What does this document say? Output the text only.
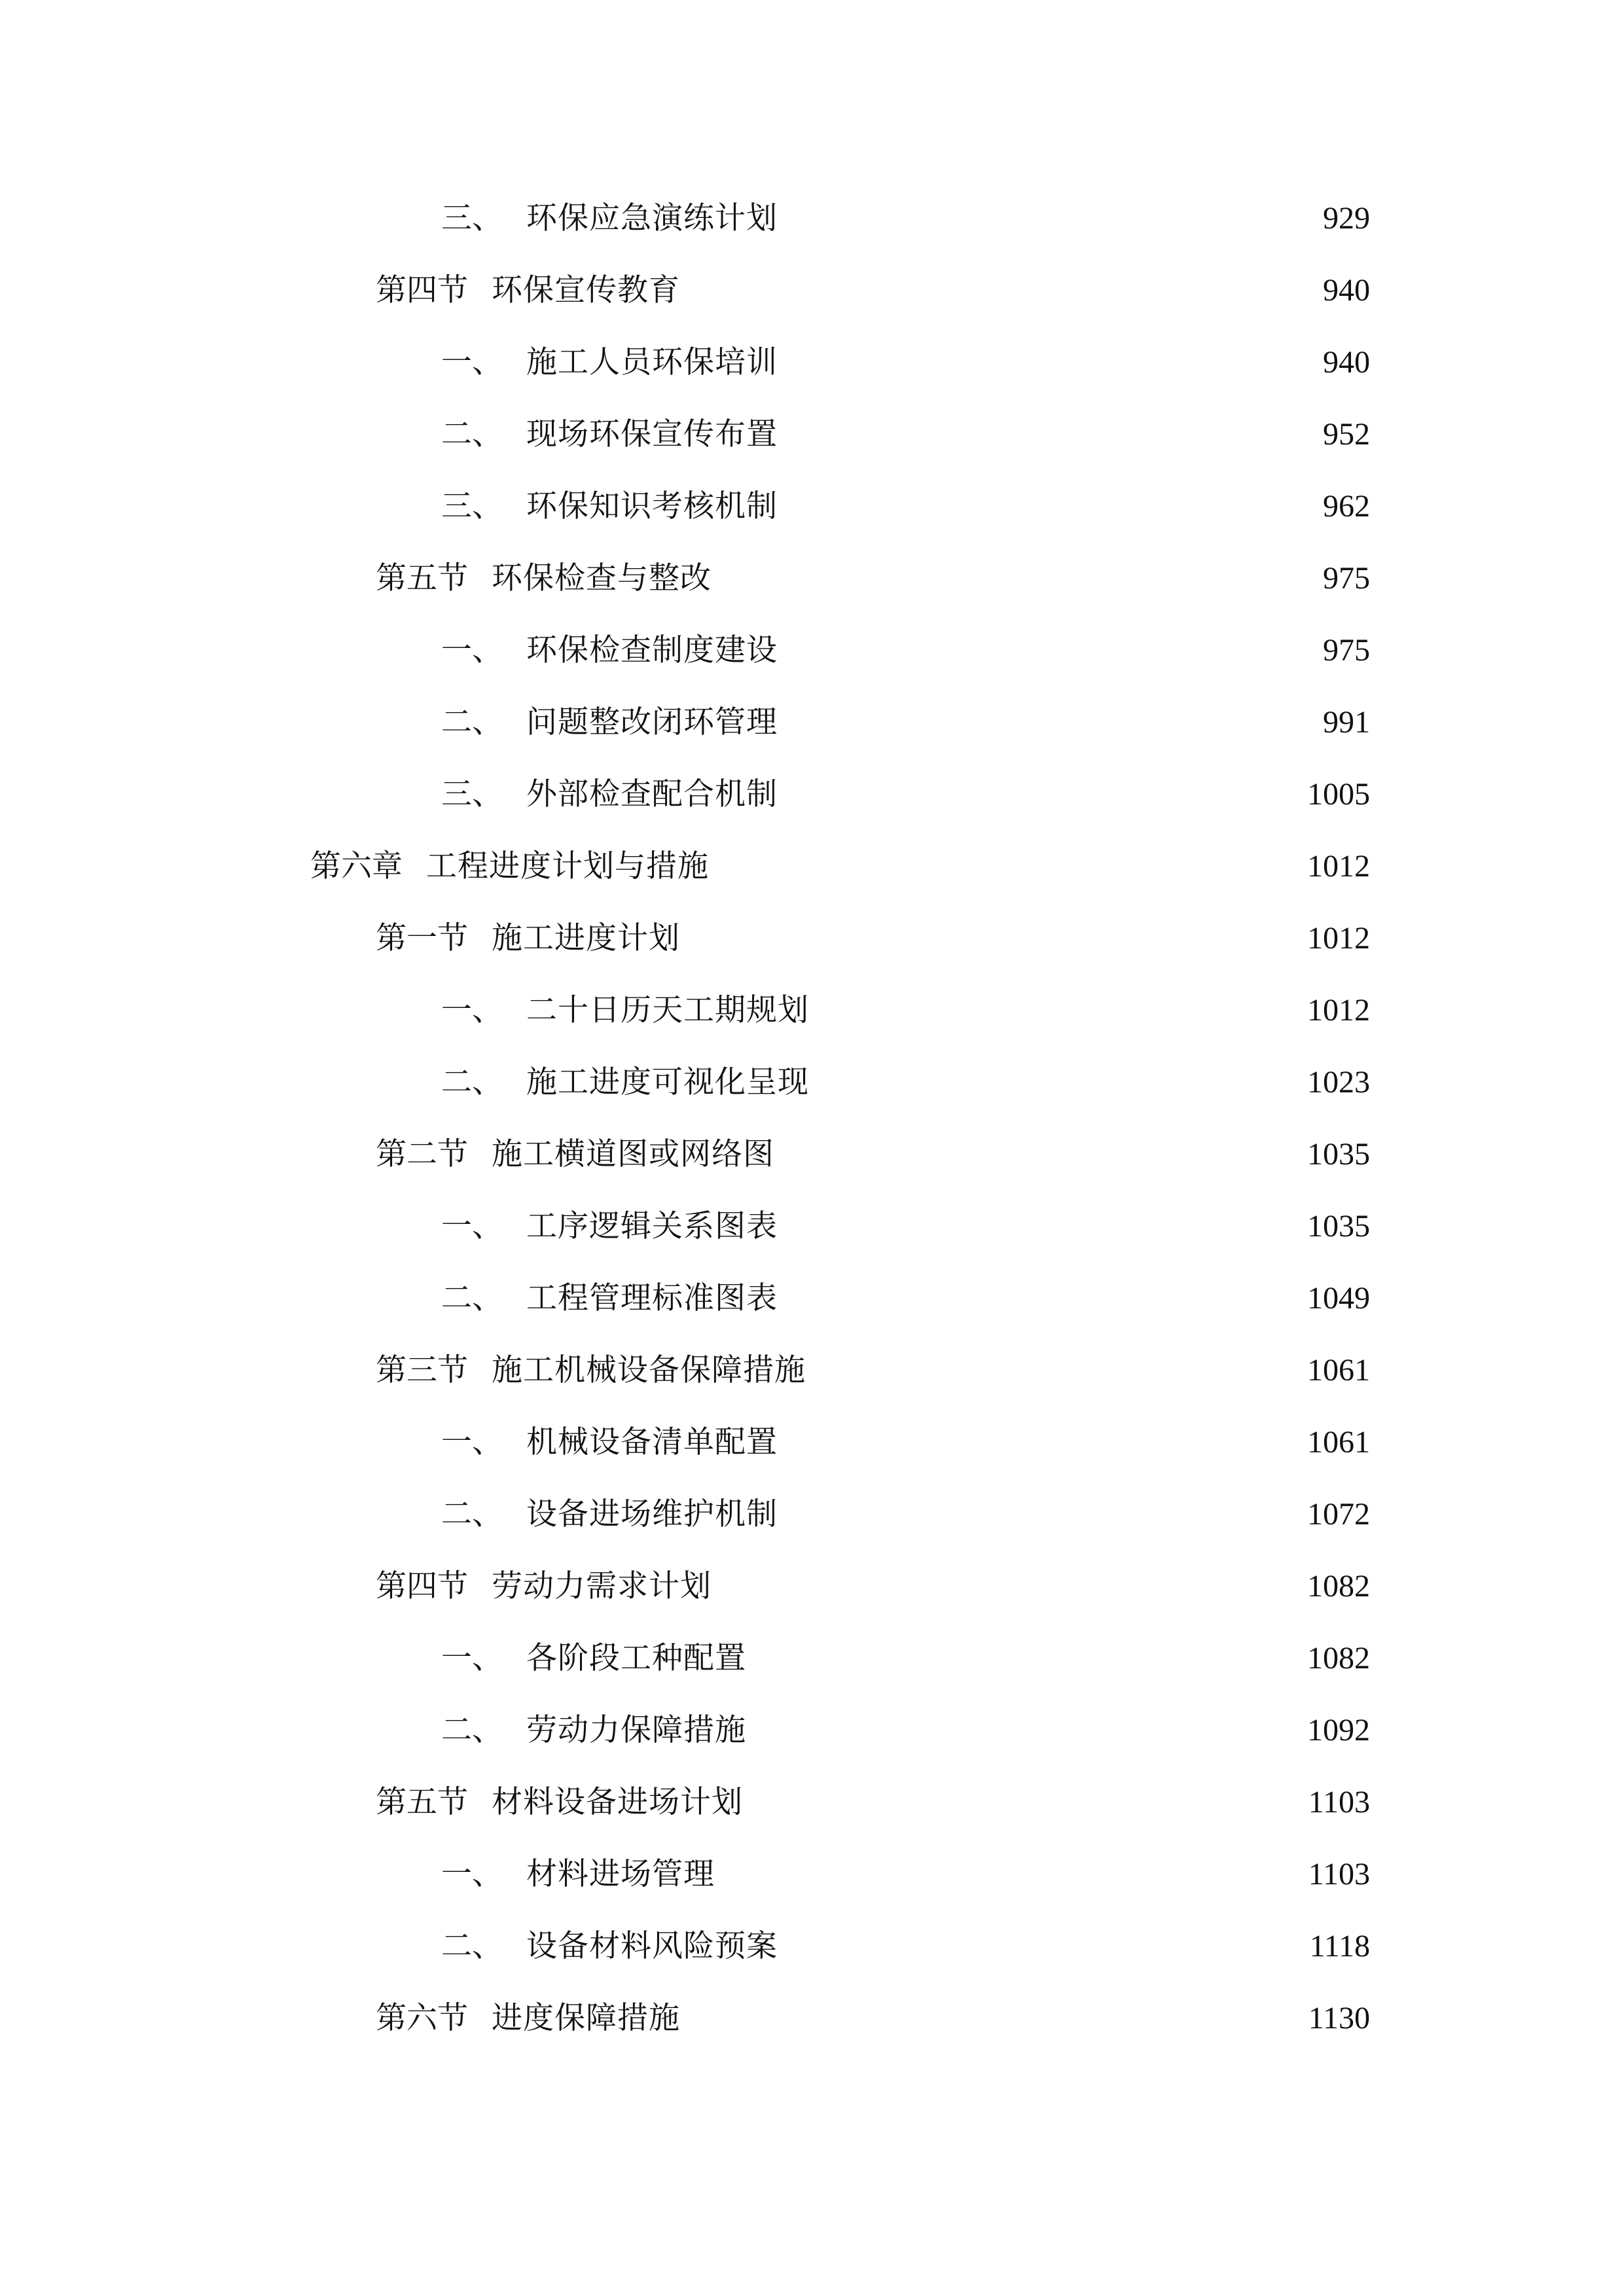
三、 环保应急演练计划	929
第四节 环保宣传教育	940
一、 施工人员环保培训	940
二、 现场环保宣传布置	952
三、 环保知识考核机制	962
第五节 环保检查与整改	975
一、 环保检查制度建设	975
二、 问题整改闭环管理	991
三、 外部检查配合机制	1005
第六章 工程进度计划与措施	1012
第一节 施工进度计划	1012
一、 二十日历天工期规划	1012
二、 施工进度可视化呈现	1023
第二节 施工横道图或网络图	1035
一、 工序逻辑关系图表	1035
二、 工程管理标准图表	1049
第三节 施工机械设备保障措施	1061
一、 机械设备清单配置	1061
二、 设备进场维护机制	1072
第四节 劳动力需求计划	1082
一、 各阶段工种配置	1082
二、 劳动力保障措施	1092
第五节 材料设备进场计划	1103
一、 材料进场管理	1103
二、 设备材料风险预案	1118
第六节 进度保障措施	1130
